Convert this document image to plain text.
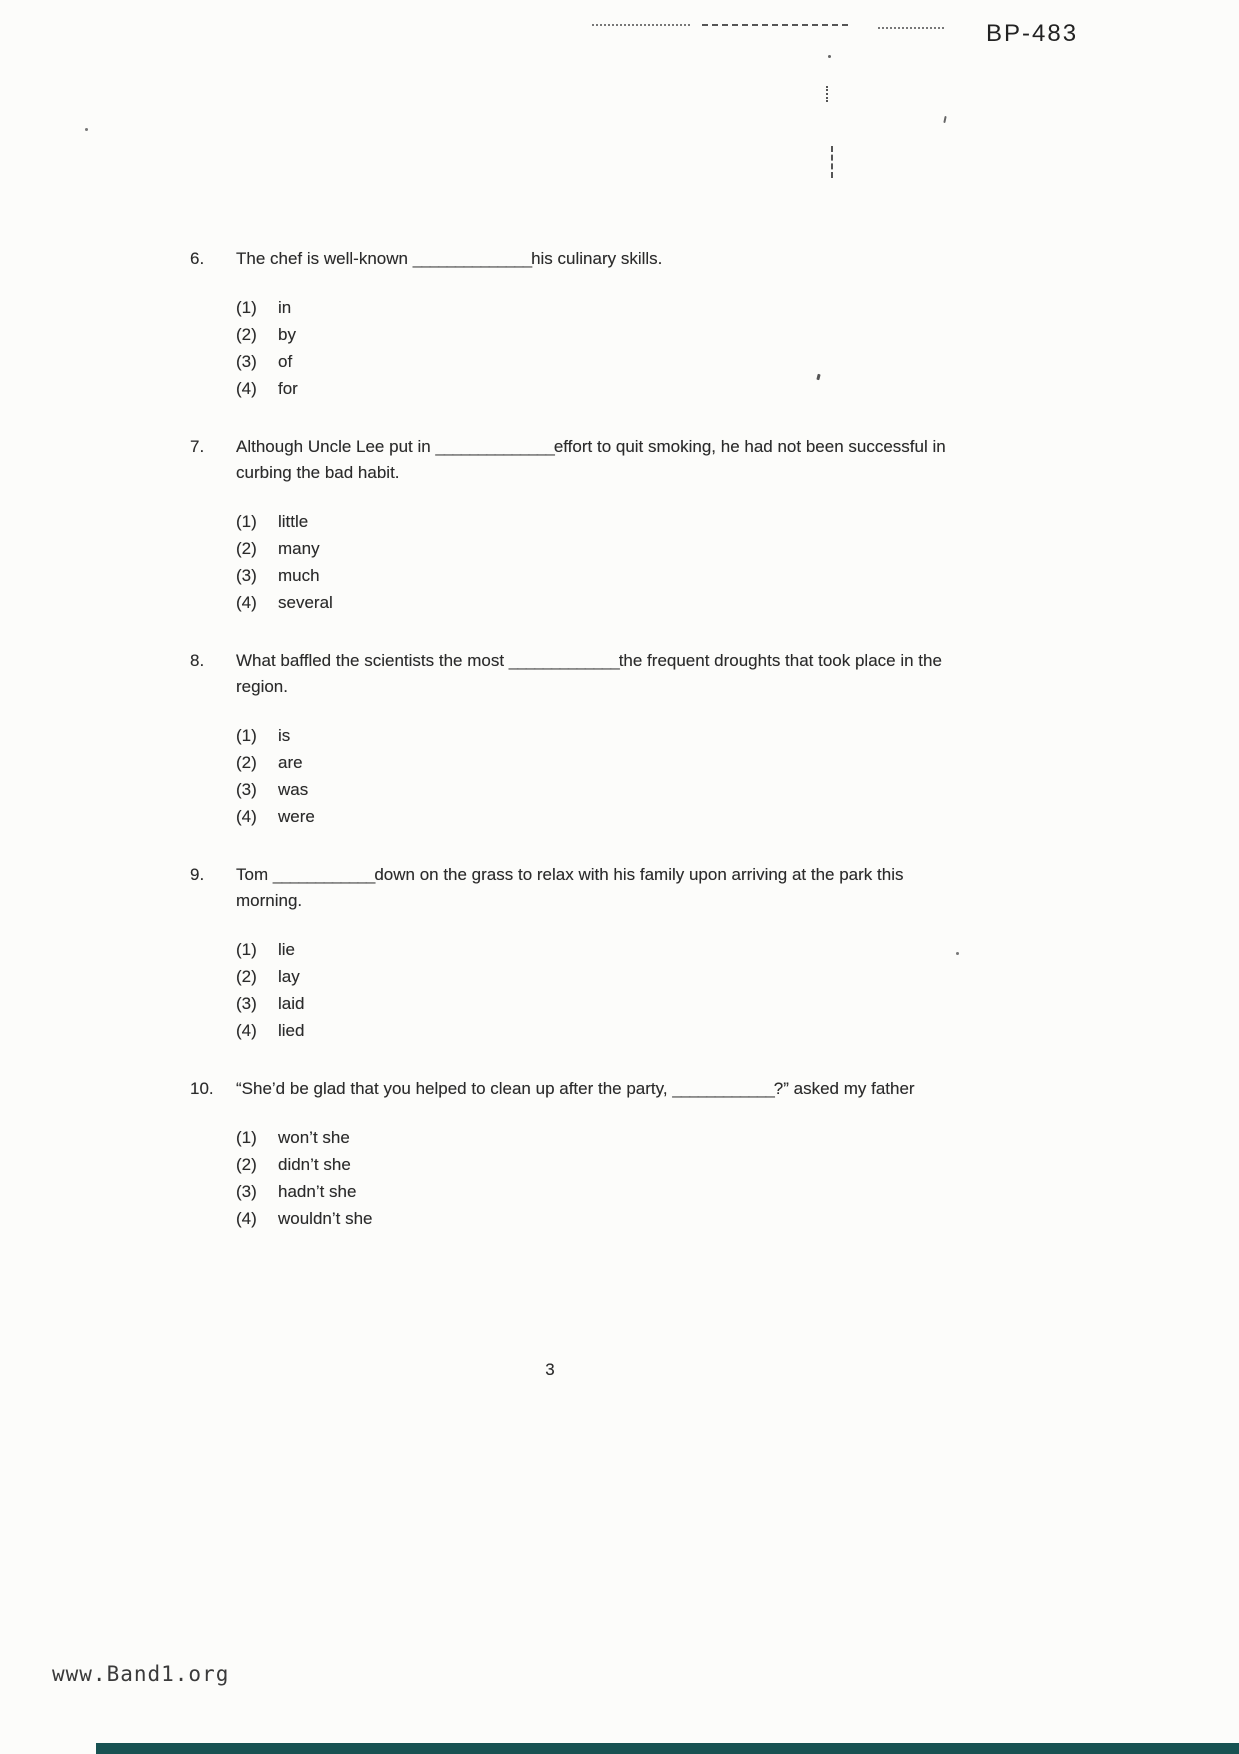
BP-483
6.	The chef is well-known ______________his culinary skills.
(1)	in
(2)	by
(3)	of
(4)	for
7.	Although Uncle Lee put in ______________effort to quit smoking, he had not been successful in curbing the bad habit.
(1)	little
(2)	many
(3)	much
(4)	several
8.	What baffled the scientists the most _____________the frequent droughts that took place in the region.
(1)	is
(2)	are
(3)	was
(4)	were
9.	Tom ____________down on the grass to relax with his family upon arriving at the park this morning.
(1)	lie
(2)	lay
(3)	laid
(4)	lied
10.	“She’d be glad that you helped to clean up after the party, ____________?” asked my father
(1)	won’t she
(2)	didn’t she
(3)	hadn’t she
(4)	wouldn’t she
3
www.Band1.org
